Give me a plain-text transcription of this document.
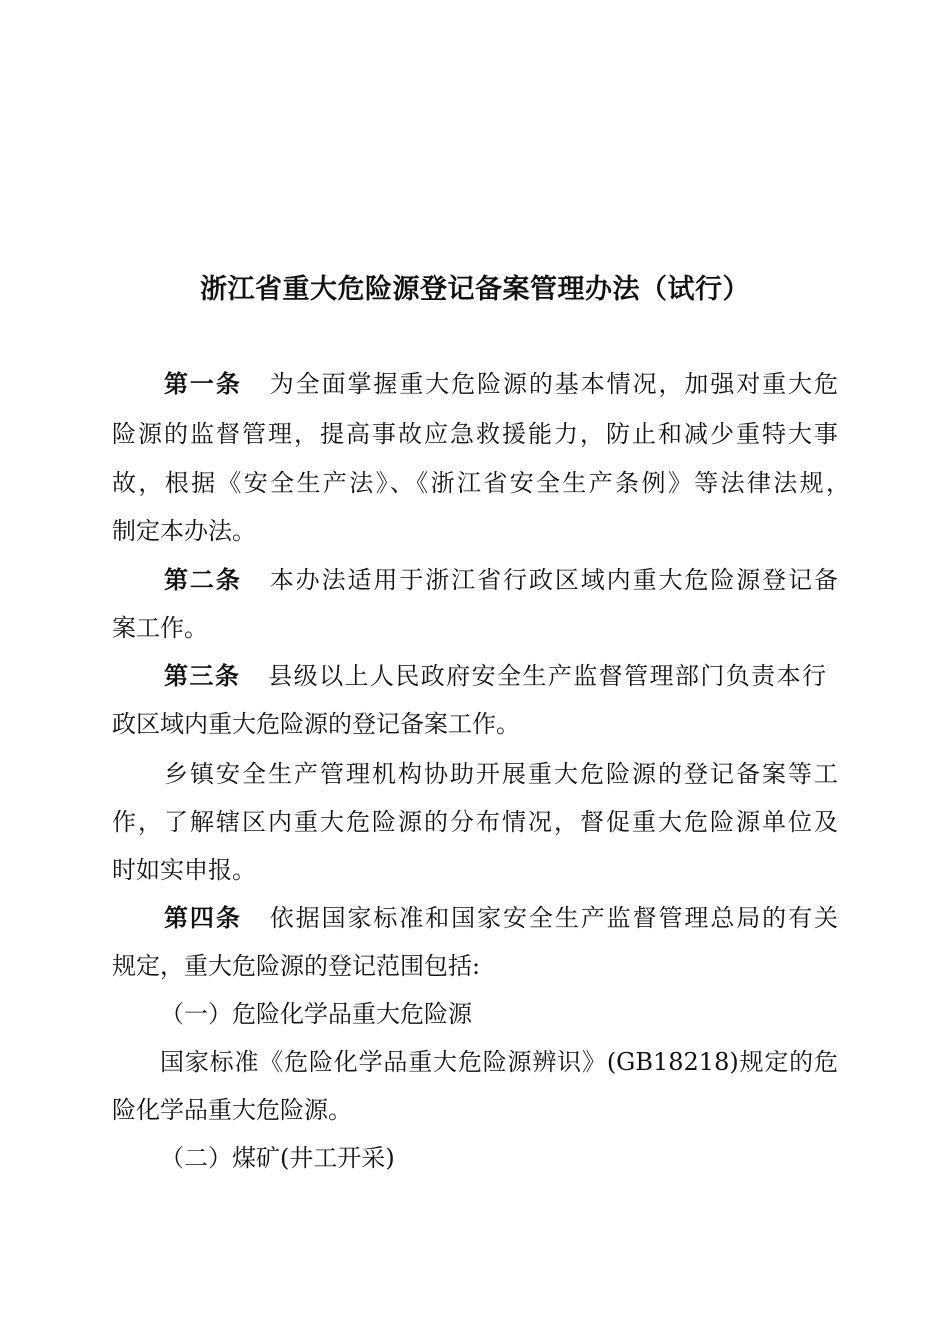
浙江省重大危险源登记备案管理办法（试行）
第一条 为全面掌握重大危险源的基本情况，加强对重大危
险源的监督管理，提高事故应急救援能力，防止和减少重特大事
故，根据《安全生产法》、《浙江省安全生产条例》等法律法规，
制定本办法。
第二条 本办法适用于浙江省行政区域内重大危险源登记备
案工作。
第三条 县级以上人民政府安全生产监督管理部门负责本行
政区域内重大危险源的登记备案工作。
乡镇安全生产管理机构协助开展重大危险源的登记备案等工
作，了解辖区内重大危险源的分布情况，督促重大危险源单位及
时如实申报。
第四条 依据国家标准和国家安全生产监督管理总局的有关
规定，重大危险源的登记范围包括:
（一）危险化学品重大危险源
国家标准《危险化学品重大危险源辨识》(GB18218)规定的危
险化学品重大危险源。
（二）煤矿(井工开采)
